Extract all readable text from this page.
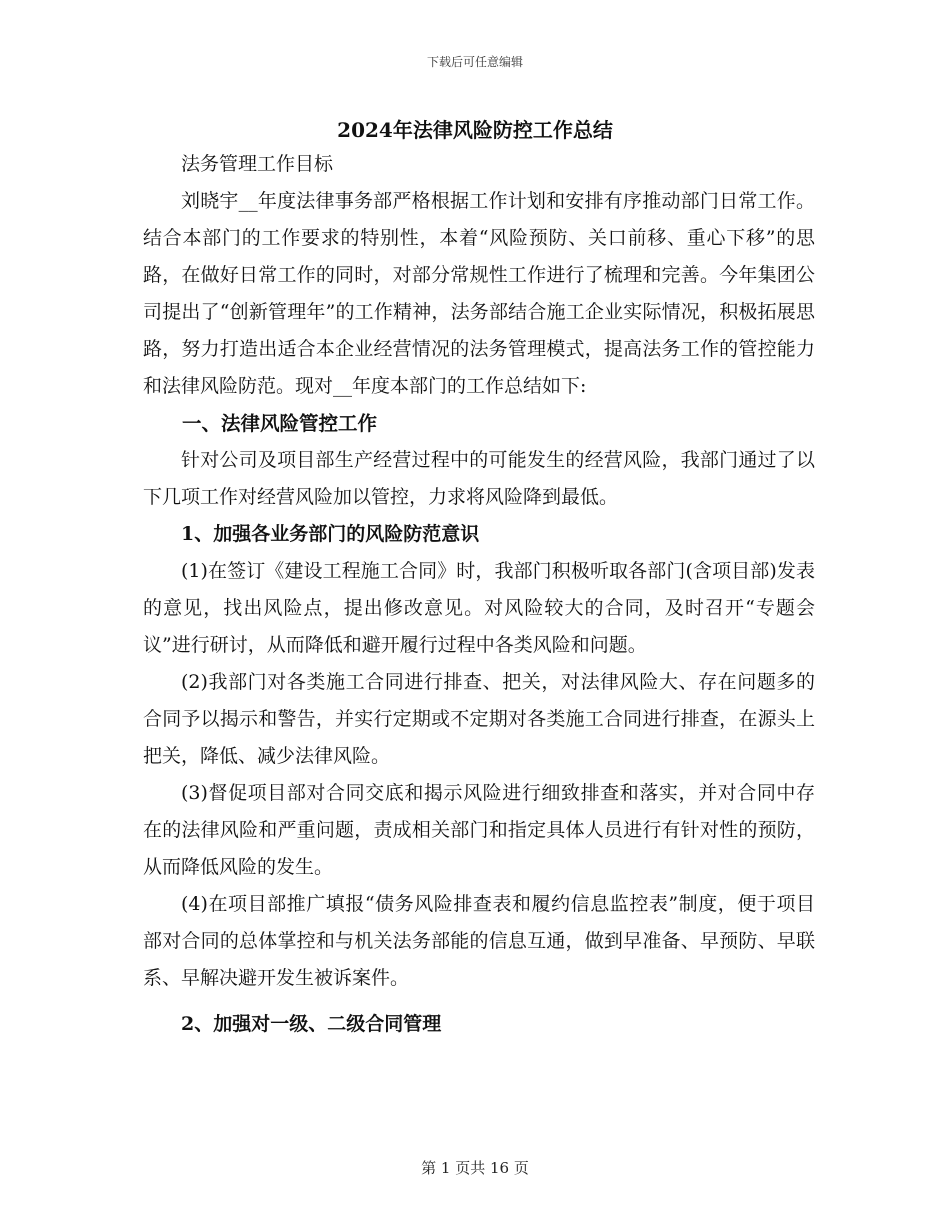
下载后可任意编辑
2024年法律风险防控工作总结

法务管理工作目标

刘晓宇__年度法律事务部严格根据工作计划和安排有序推动部门日常工作。结合本部门的工作要求的特别性，本着“风险预防、关口前移、重心下移”的思路，在做好日常工作的同时，对部分常规性工作进行了梳理和完善。今年集团公司提出了“创新管理年”的工作精神，法务部结合施工企业实际情况，积极拓展思路，努力打造出适合本企业经营情况的法务管理模式，提高法务工作的管控能力和法律风险防范。现对__年度本部门的工作总结如下:

一、法律风险管控工作

针对公司及项目部生产经营过程中的可能发生的经营风险，我部门通过了以下几项工作对经营风险加以管控，力求将风险降到最低。

1、加强各业务部门的风险防范意识

(1)在签订《建设工程施工合同》时，我部门积极听取各部门(含项目部)发表的意见，找出风险点，提出修改意见。对风险较大的合同，及时召开“专题会议”进行研讨，从而降低和避开履行过程中各类风险和问题。

(2)我部门对各类施工合同进行排查、把关，对法律风险大、存在问题多的合同予以揭示和警告，并实行定期或不定期对各类施工合同进行排查，在源头上把关，降低、减少法律风险。

(3)督促项目部对合同交底和揭示风险进行细致排查和落实，并对合同中存在的法律风险和严重问题，责成相关部门和指定具体人员进行有针对性的预防，从而降低风险的发生。

(4)在项目部推广填报“债务风险排查表和履约信息监控表”制度，便于项目部对合同的总体掌控和与机关法务部能的信息互通，做到早准备、早预防、早联系、早解决避开发生被诉案件。

2、加强对一级、二级合同管理
第 1 页共 16 页
